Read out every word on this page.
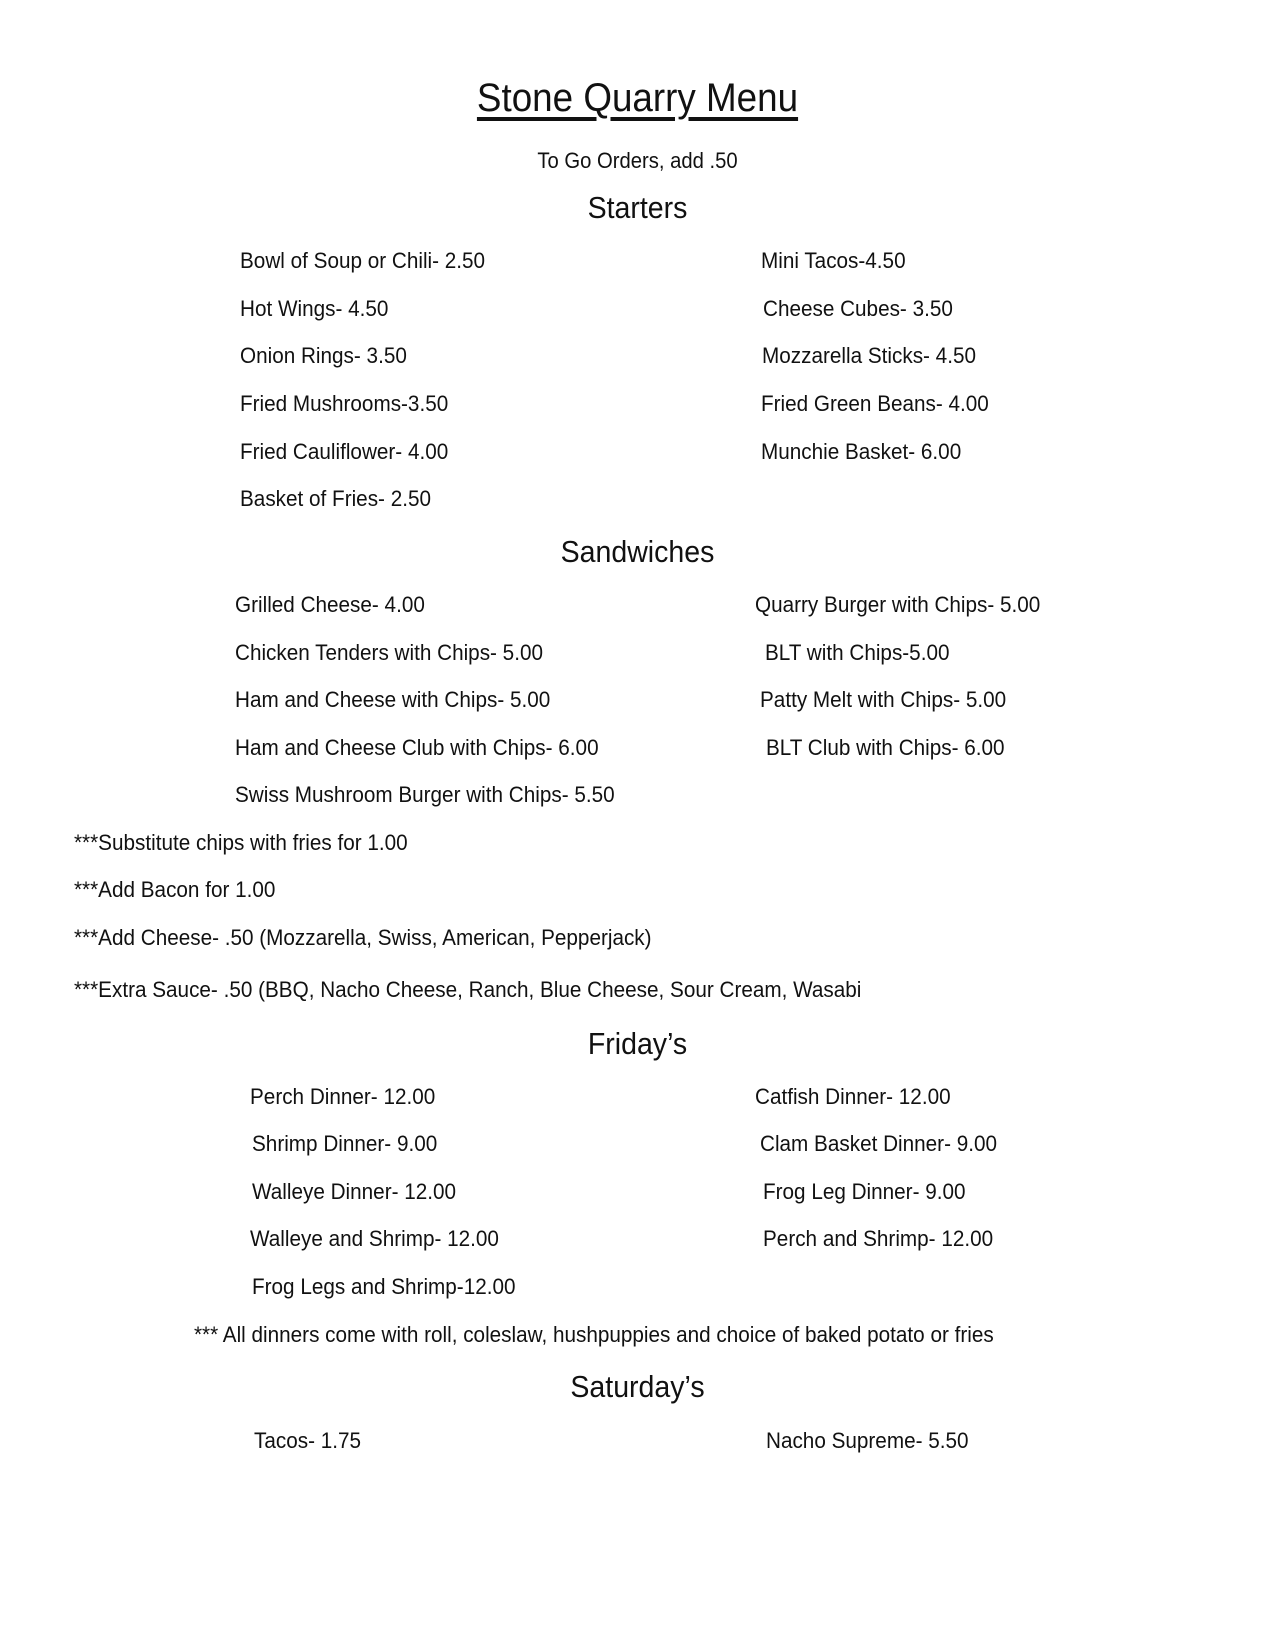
Stone Quarry Menu
To Go Orders, add .50
Starters
Bowl of Soup or Chili- 2.50
Hot Wings- 4.50
Onion Rings- 3.50
Fried Mushrooms-3.50
Fried Cauliflower- 4.00
Basket of Fries- 2.50
Mini Tacos-4.50
Cheese Cubes- 3.50
Mozzarella Sticks- 4.50
Fried Green Beans- 4.00
Munchie Basket- 6.00
Sandwiches
Grilled Cheese- 4.00
Chicken Tenders with Chips- 5.00
Ham and Cheese with Chips- 5.00
Ham and Cheese Club with Chips- 6.00
Swiss Mushroom Burger with Chips- 5.50
Quarry Burger with Chips- 5.00
BLT with Chips-5.00
Patty Melt with Chips- 5.00
BLT Club with Chips- 6.00
***Substitute chips with fries for 1.00
***Add Bacon for 1.00
***Add Cheese- .50 (Mozzarella, Swiss, American, Pepperjack)
***Extra Sauce- .50 (BBQ, Nacho Cheese, Ranch, Blue Cheese, Sour Cream, Wasabi
Friday’s
Perch Dinner- 12.00
Shrimp Dinner- 9.00
Walleye Dinner- 12.00
Walleye and Shrimp- 12.00
Frog Legs and Shrimp-12.00
Catfish Dinner- 12.00
Clam Basket Dinner- 9.00
Frog Leg Dinner- 9.00
Perch and Shrimp- 12.00
*** All dinners come with roll, coleslaw, hushpuppies and choice of baked potato or fries
Saturday’s
Tacos- 1.75	Nacho Supreme- 5.50
